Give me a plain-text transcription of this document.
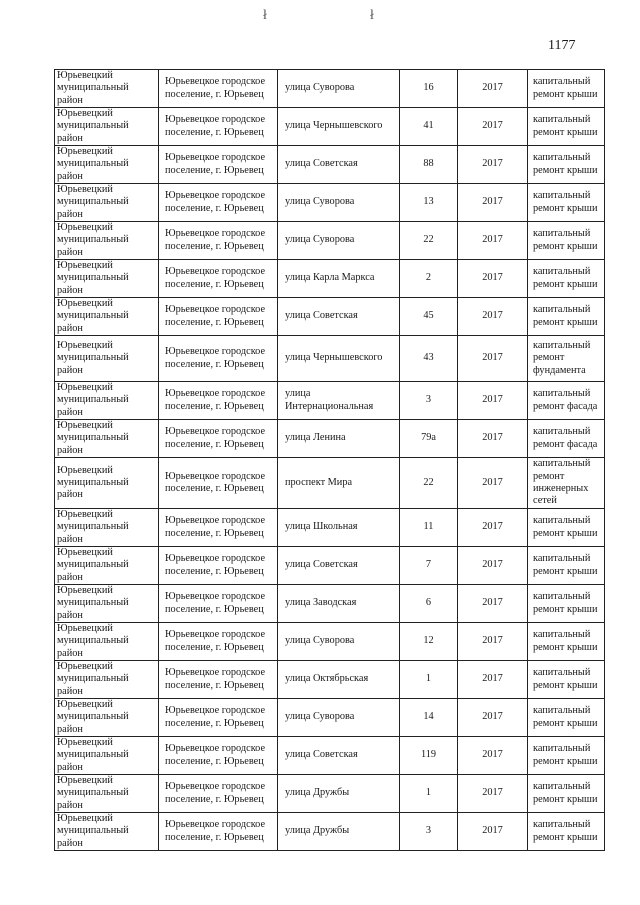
ł	ł
1177
Юрьевецкий муниципальный район	Юрьевецкое городское поселение, г. Юрьевец	улица Суворова	16	2017	капитальный ремонт крыши
Юрьевецкий муниципальный район	Юрьевецкое городское поселение, г. Юрьевец	улица Чернышевского	41	2017	капитальный ремонт крыши
Юрьевецкий муниципальный район	Юрьевецкое городское поселение, г. Юрьевец	улица Советская	88	2017	капитальный ремонт крыши
Юрьевецкий муниципальный район	Юрьевецкое городское поселение, г. Юрьевец	улица Суворова	13	2017	капитальный ремонт крыши
Юрьевецкий муниципальный район	Юрьевецкое городское поселение, г. Юрьевец	улица Суворова	22	2017	капитальный ремонт крыши
Юрьевецкий муниципальный район	Юрьевецкое городское поселение, г. Юрьевец	улица Карла Маркса	2	2017	капитальный ремонт крыши
Юрьевецкий муниципальный район	Юрьевецкое городское поселение, г. Юрьевец	улица Советская	45	2017	капитальный ремонт крыши
Юрьевецкий муниципальный район	Юрьевецкое городское поселение, г. Юрьевец	улица Чернышевского	43	2017	капитальный ремонт фундамента
Юрьевецкий муниципальный район	Юрьевецкое городское поселение, г. Юрьевец	улица Интернациональная	3	2017	капитальный ремонт фасада
Юрьевецкий муниципальный район	Юрьевецкое городское поселение, г. Юрьевец	улица Ленина	79а	2017	капитальный ремонт фасада
Юрьевецкий муниципальный район	Юрьевецкое городское поселение, г. Юрьевец	проспект Мира	22	2017	капитальный ремонт инженерных сетей
Юрьевецкий муниципальный район	Юрьевецкое городское поселение, г. Юрьевец	улица Школьная	11	2017	капитальный ремонт крыши
Юрьевецкий муниципальный район	Юрьевецкое городское поселение, г. Юрьевец	улица Советская	7	2017	капитальный ремонт крыши
Юрьевецкий муниципальный район	Юрьевецкое городское поселение, г. Юрьевец	улица Заводская	6	2017	капитальный ремонт крыши
Юрьевецкий муниципальный район	Юрьевецкое городское поселение, г. Юрьевец	улица Суворова	12	2017	капитальный ремонт крыши
Юрьевецкий муниципальный район	Юрьевецкое городское поселение, г. Юрьевец	улица Октябрьская	1	2017	капитальный ремонт крыши
Юрьевецкий муниципальный район	Юрьевецкое городское поселение, г. Юрьевец	улица Суворова	14	2017	капитальный ремонт крыши
Юрьевецкий муниципальный район	Юрьевецкое городское поселение, г. Юрьевец	улица Советская	119	2017	капитальный ремонт крыши
Юрьевецкий муниципальный район	Юрьевецкое городское поселение, г. Юрьевец	улица Дружбы	1	2017	капитальный ремонт крыши
Юрьевецкий муниципальный район	Юрьевецкое городское поселение, г. Юрьевец	улица Дружбы	3	2017	капитальный ремонт крыши
